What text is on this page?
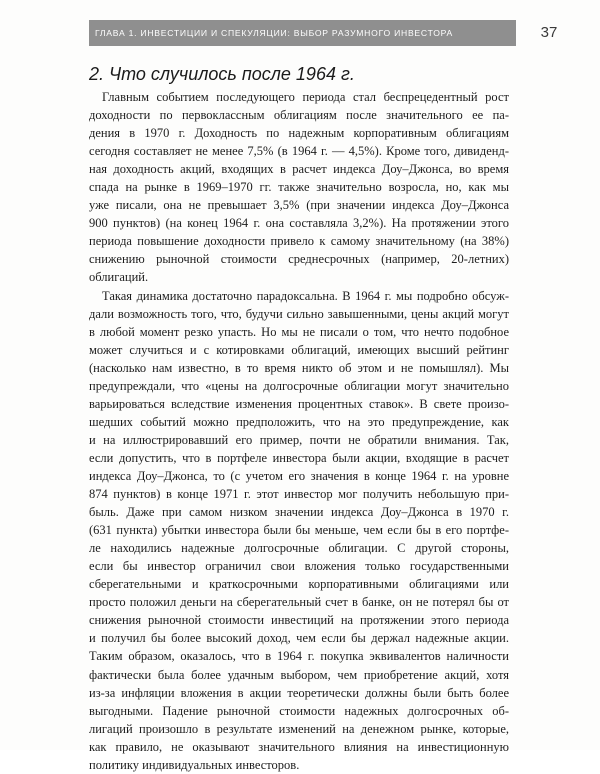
ГЛАВА 1. ИНВЕСТИЦИИ И СПЕКУЛЯЦИИ: ВЫБОР РАЗУМНОГО ИНВЕСТОРА	37
2. Что случилось после 1964 г.

Главным событием последующего периода стал беспрецедентный рост
доходности по первоклассным облигациям после значительного ее па-
дения в 1970 г. Доходность по надежным корпоративным облигациям
сегодня составляет не менее 7,5% (в 1964 г. — 4,5%). Кроме того, дивиденд-
ная доходность акций, входящих в расчет индекса Доу–Джонса, во время
спада на рынке в 1969–1970 гг. также значительно возросла, но, как мы
уже писали, она не превышает 3,5% (при значении индекса Доу–Джонса
900 пунктов) (на конец 1964 г. она составляла 3,2%). На протяжении этого
периода повышение доходности привело к самому значительному (на 38%)
снижению рыночной стоимости среднесрочных (например, 20-летних)
облигаций.

Такая динамика достаточно парадоксальна. В 1964 г. мы подробно обсуж-
дали возможность того, что, будучи сильно завышенными, цены акций могут
в любой момент резко упасть. Но мы не писали о том, что нечто подобное
может случиться и с котировками облигаций, имеющих высший рейтинг
(насколько нам известно, в то время никто об этом и не помышлял). Мы
предупреждали, что «цены на долгосрочные облигации могут значительно
варьироваться вследствие изменения процентных ставок». В свете произо-
шедших событий можно предположить, что на это предупреждение, как
и на иллюстрировавший его пример, почти не обратили внимания. Так,
если допустить, что в портфеле инвестора были акции, входящие в расчет
индекса Доу–Джонса, то (с учетом его значения в конце 1964 г. на уровне
874 пунктов) в конце 1971 г. этот инвестор мог получить небольшую при-
быль. Даже при самом низком значении индекса Доу–Джонса в 1970 г.
(631 пункта) убытки инвестора были бы меньше, чем если бы в его портфе-
ле находились надежные долгосрочные облигации. С другой стороны,
если бы инвестор ограничил свои вложения только государственными
сберегательными и краткосрочными корпоративными облигациями или
просто положил деньги на сберегательный счет в банке, он не потерял бы от
снижения рыночной стоимости инвестиций на протяжении этого периода
и получил бы более высокий доход, чем если бы держал надежные акции.
Таким образом, оказалось, что в 1964 г. покупка эквивалентов наличности
фактически была более удачным выбором, чем приобретение акций, хотя
из-за инфляции вложения в акции теоретически должны были быть более
выгодными. Падение рыночной стоимости надежных долгосрочных об-
лигаций произошло в результате изменений на денежном рынке, которые,
как правило, не оказывают значительного влияния на инвестиционную
политику индивидуальных инвесторов.
